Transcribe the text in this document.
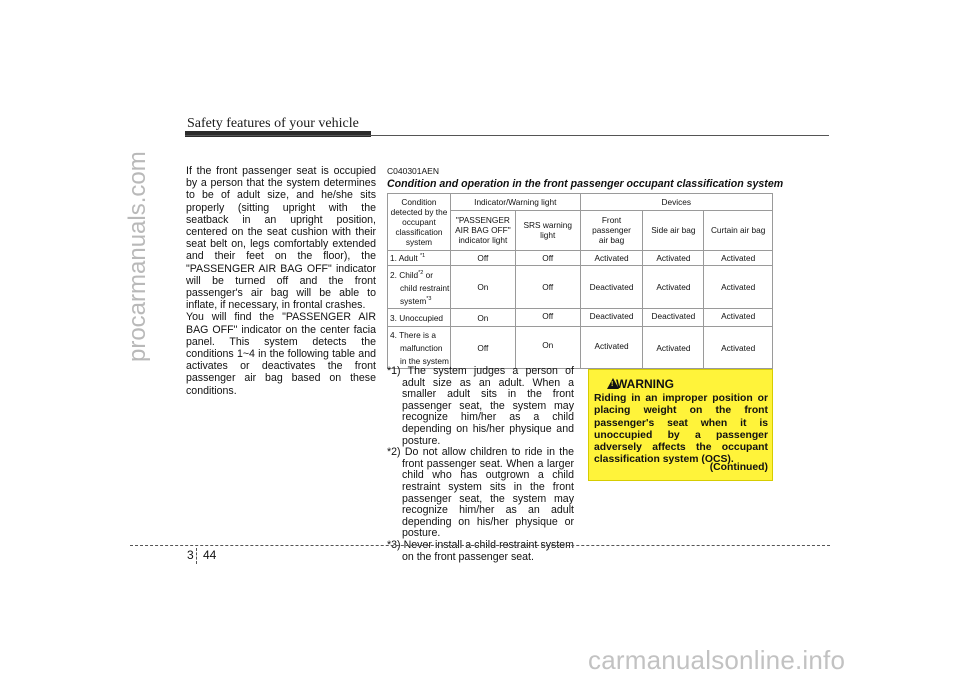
Safety features of your vehicle
procarmanuals.com	If the front passenger seat is occupied by a person that the system determines to be of adult size, and he/she sits properly (sitting upright with the seatback in an upright position, centered on the seat cushion with their seat belt on, legs comfortably extended and their feet on the floor), the "PASSENGER AIR BAG OFF" indicator will be turned off and the front passenger's air bag will be able to inflate, if necessary, in frontal crashes.

You will find the "PASSENGER AIR BAG OFF" indicator on the center facia panel. This system detects the conditions 1~4 in the following table and activates or deactivates the front passenger air bag based on these conditions.

C040301AEN
Condition and operation in the front passenger occupant classification system
Condition detected by the occupant classification system	Indicator/Warning light		Devices		
	"PASSENGER AIR BAG OFF" indicator light	SRS warning light	Front passenger air bag	Side air bag	Curtain air bag
1. Adult $^{*1}$	Off	Off	Activated	Activated	Activated
2. Child$^{*2}$ or
child restraint
system$^{*3}$	On	Off	Deactivated	Activated	Activated
3. Unoccupied	On	Off	Deactivated	Deactivated	Activated
4. There is a
malfunction
in the system	Off	On	Activated	Activated	Activated

*1) The system judges a person of adult size as an adult. When a smaller adult sits in the front passenger seat, the system may recognize him/her as a child depending on his/her physique and posture.

*2) Do not allow children to ride in the front passenger seat. When a larger child who has outgrown a child restraint system sits in the front passenger seat, the system may recognize him/her as an adult depending on his/her physique or posture.

*3) Never install a child restraint system on the front passenger seat.

! WARNING
Riding in an improper position or placing weight on the front passenger's seat when it is unoccupied by a passenger adversely affects the occupant classification system (OCS).
(Continued)
3 44
carmanualsonline.info
